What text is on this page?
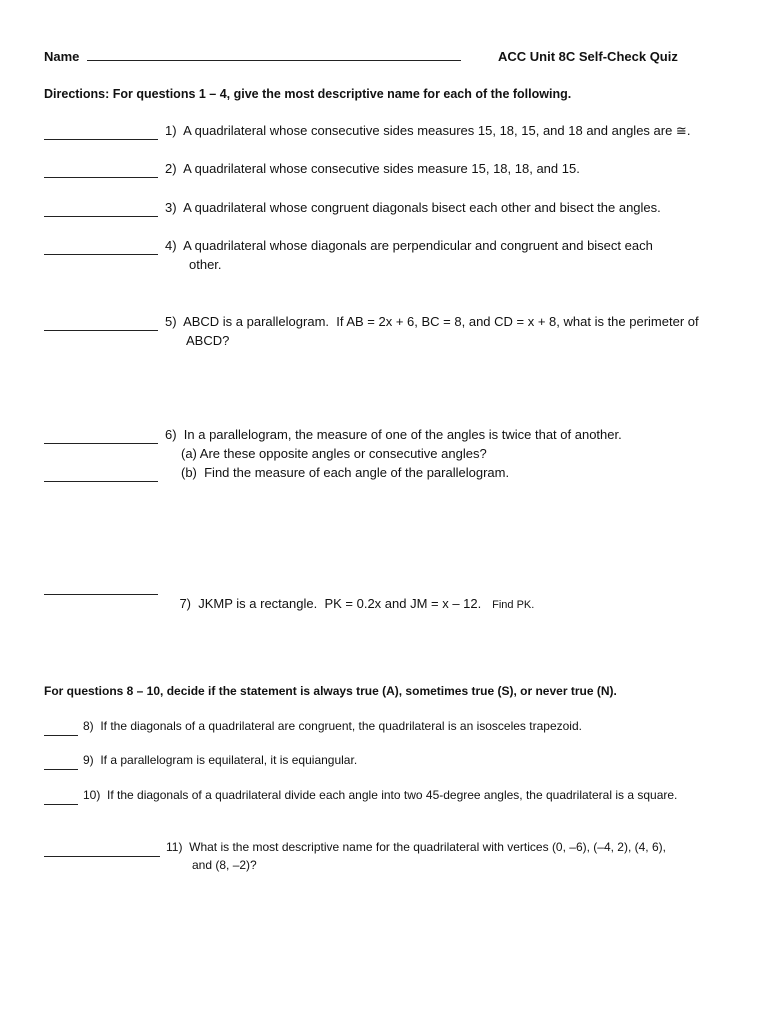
Name	ACC Unit 8C Self-Check Quiz
Directions: For questions 1 – 4, give the most descriptive name for each of the following.
1)  A quadrilateral whose consecutive sides measures 15, 18, 15, and 18 and angles are ≅.
2)  A quadrilateral whose consecutive sides measure 15, 18, 18, and 15.
3)  A quadrilateral whose congruent diagonals bisect each other and bisect the angles.
4)  A quadrilateral whose diagonals are perpendicular and congruent and bisect each
other.
5)  ABCD is a parallelogram.  If AB = 2x + 6, BC = 8, and CD = x + 8, what is the perimeter of
ABCD?
6)  In a parallelogram, the measure of one of the angles is twice that of another.
(a) Are these opposite angles or consecutive angles?
(b)  Find the measure of each angle of the parallelogram.

7)  JKMP is a rectangle.  PK = 0.2x and JM = x – 12. Find PK.

For questions 8 – 10, decide if the statement is always true (A), sometimes true (S), or never true (N).
8)  If the diagonals of a quadrilateral are congruent, the quadrilateral is an isosceles trapezoid.
9)  If a parallelogram is equilateral, it is equiangular.
10)  If the diagonals of a quadrilateral divide each angle into two 45-degree angles, the quadrilateral is a square.
11)  What is the most descriptive name for the quadrilateral with vertices (0, –6), (–4, 2), (4, 6),
and (8, –2)?
